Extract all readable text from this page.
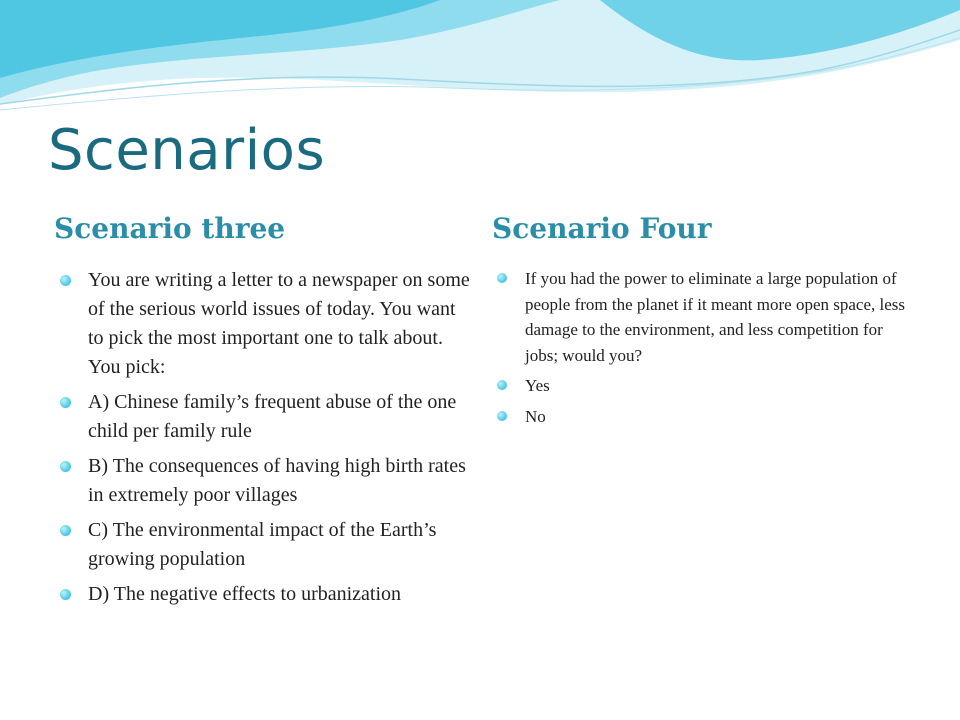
Scenarios
Scenario three	Scenario Four
You are writing a letter to a newspaper on some of the serious world issues of today. You want to pick the most important one to talk about. You pick:
A) Chinese family’s frequent abuse of the one child per family rule
B) The consequences of having high birth rates in extremely poor villages
C) The environmental impact of the Earth’s growing population
D) The negative effects to urbanization
If you had the power to eliminate a large population of people from the planet if it meant more open space, less damage to the environment, and less competition for jobs; would you?
Yes
No
